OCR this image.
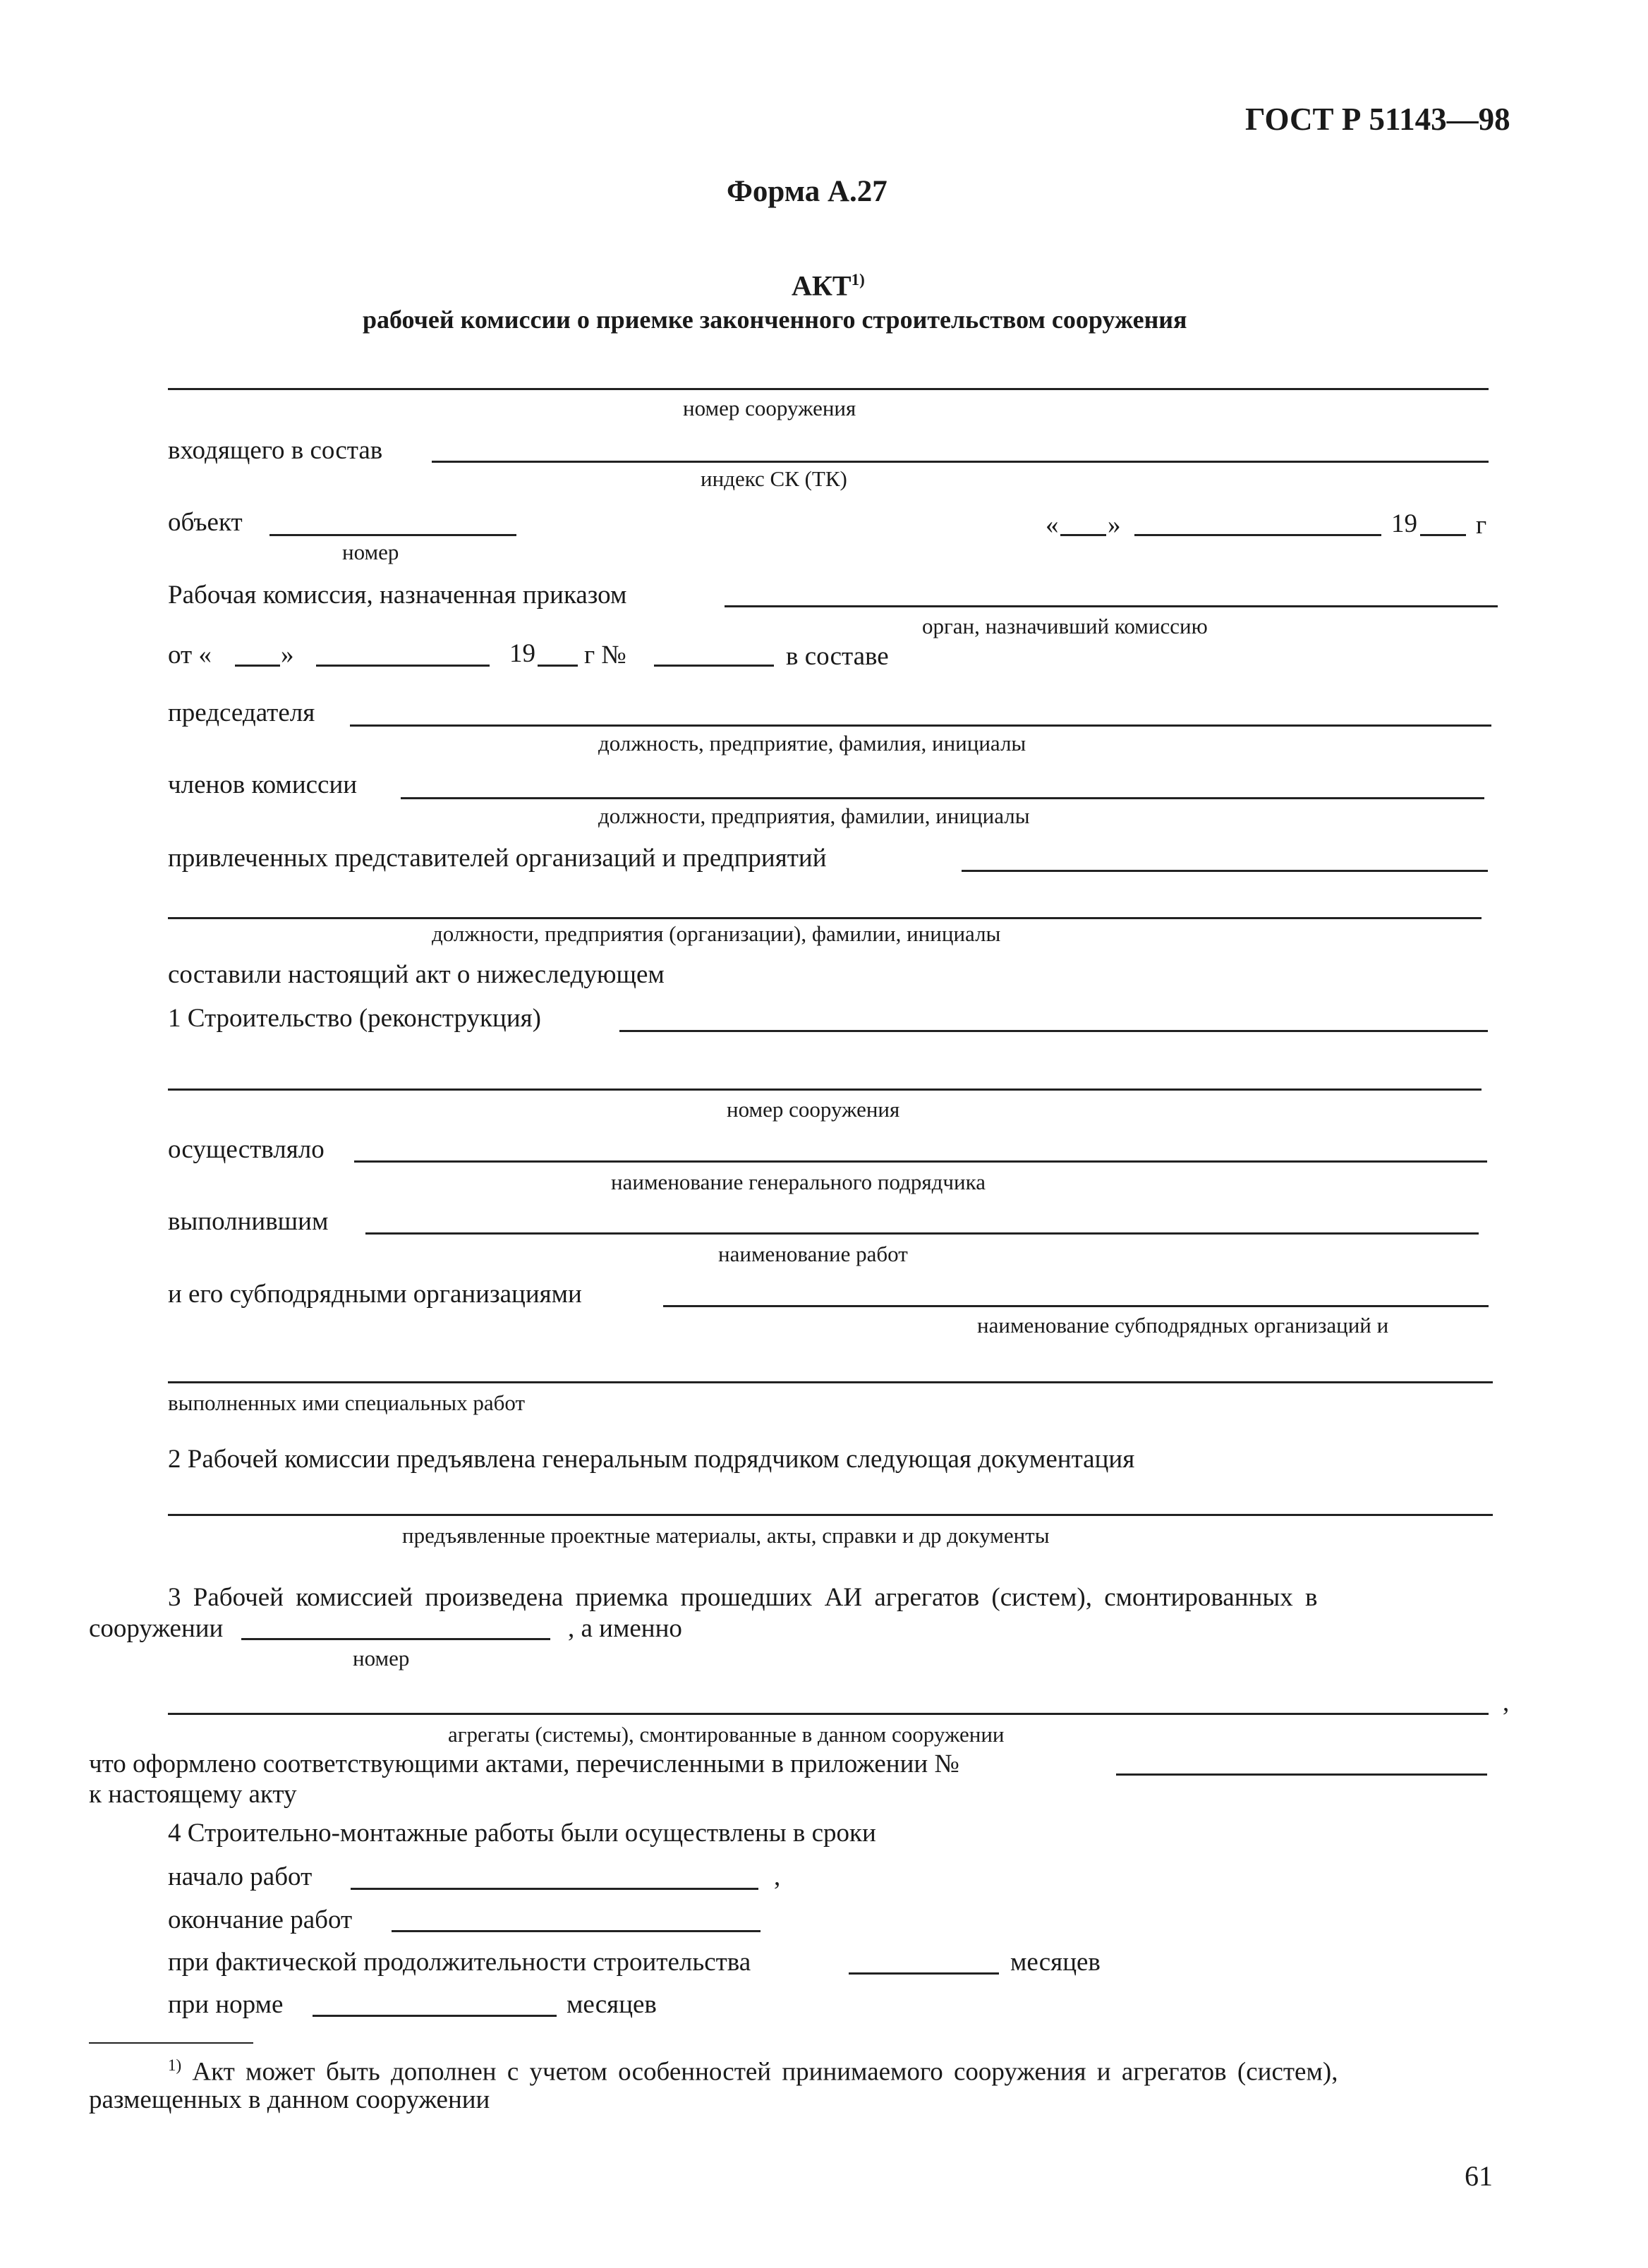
ГОСТ Р 51143—98
Форма А.27
АКТ$^{1)}$
рабочей комиссии о приемке законченного строительством сооружения
номер сооружения
входящего в состав
индекс СК (ТК)
объект
номер
« »	19 г
Рабочая комиссия, назначенная приказом
орган, назначивший комиссию
от «	»	19 г №	в составе
председателя
должность, предприятие, фамилия, инициалы
членов комиссии
должности, предприятия, фамилии, инициалы
привлеченных представителей организаций и предприятий
должности, предприятия (организации), фамилии, инициалы
составили настоящий акт о нижеследующем
1 Строительство (реконструкция)
номер сооружения
осуществляло
наименование генерального подрядчика
выполнившим
наименование работ
и его субподрядными организациями
наименование субподрядных организаций и
выполненных ими специальных работ
2 Рабочей комиссии предъявлена генеральным подрядчиком следующая документация
предъявленные проектные материалы, акты, справки и др документы
3 Рабочей комиссией произведена приемка прошедших АИ агрегатов (систем), смонтированных в
сооружении	, а именно
номер
,
агрегаты (системы), смонтированные в данном сооружении
что оформлено соответствующими актами, перечисленными в приложении №
к настоящему акту
4 Строительно-монтажные работы были осуществлены в сроки
начало работ	,
окончание работ
при фактической продолжительности строительства	месяцев
при норме	месяцев
$^{1)}$ Акт может быть дополнен с учетом особенностей принимаемого сооружения и агрегатов (систем),
размещенных в данном сооружении
61
